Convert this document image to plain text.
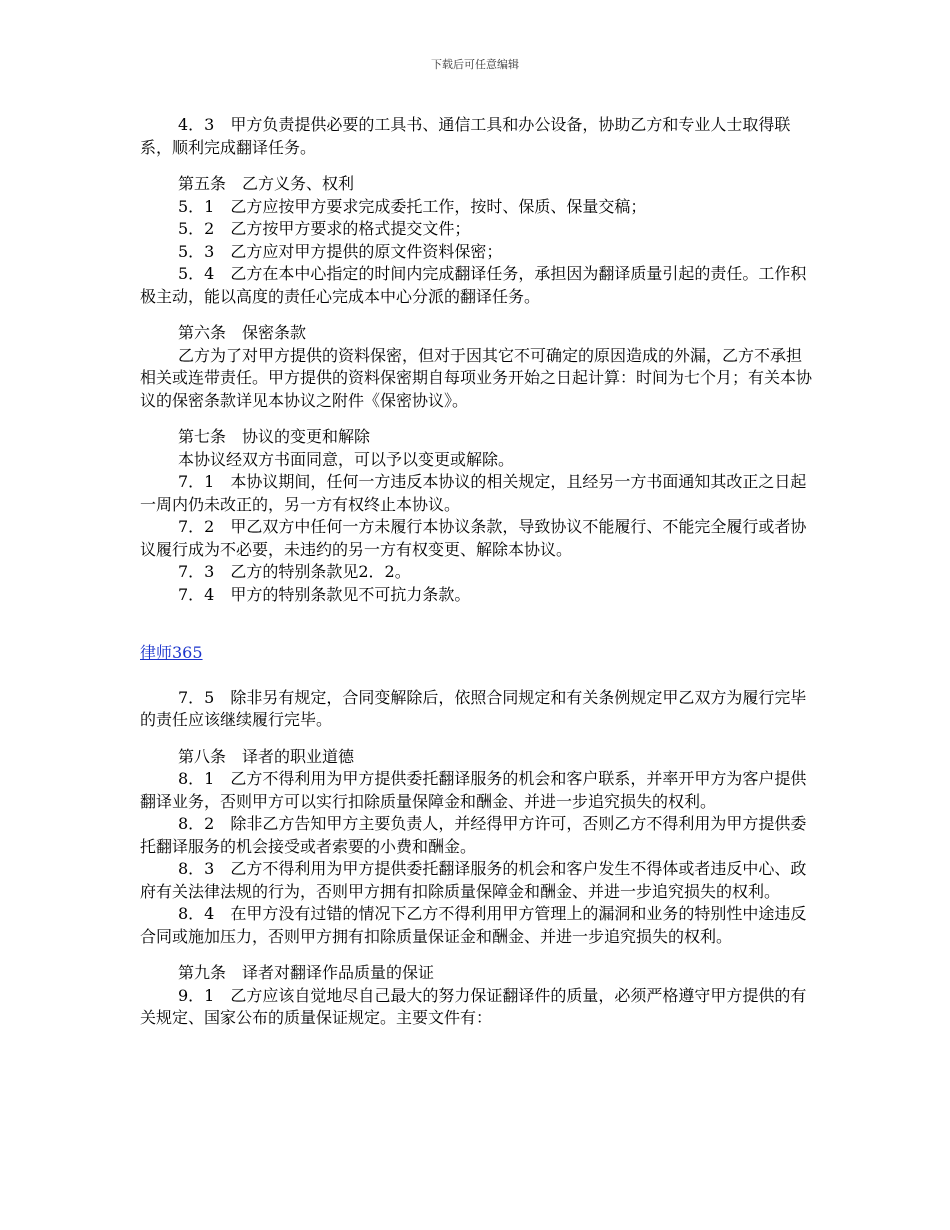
下载后可任意编辑

4．3　甲方负责提供必要的工具书、通信工具和办公设备，协助乙方和专业人士取得联系，顺利完成翻译任务。

第五条　乙方义务、权利

5．1　乙方应按甲方要求完成委托工作，按时、保质、保量交稿；

5．2　乙方按甲方要求的格式提交文件；

5．3　乙方应对甲方提供的原文件资料保密；

5．4　乙方在本中心指定的时间内完成翻译任务，承担因为翻译质量引起的责任。工作积极主动，能以高度的责任心完成本中心分派的翻译任务。

第六条　保密条款

乙方为了对甲方提供的资料保密，但对于因其它不可确定的原因造成的外漏，乙方不承担相关或连带责任。甲方提供的资料保密期自每项业务开始之日起计算：时间为七个月；有关本协议的保密条款详见本协议之附件《保密协议》。

第七条　协议的变更和解除

本协议经双方书面同意，可以予以变更或解除。

7．1　本协议期间，任何一方违反本协议的相关规定，且经另一方书面通知其改正之日起一周内仍未改正的，另一方有权终止本协议。

7．2　甲乙双方中任何一方未履行本协议条款，导致协议不能履行、不能完全履行或者协议履行成为不必要，未违约的另一方有权变更、解除本协议。

7．3　乙方的特别条款见2．2。

7．4　甲方的特别条款见不可抗力条款。

律师365

7．5　除非另有规定，合同变解除后，依照合同规定和有关条例规定甲乙双方为履行完毕的责任应该继续履行完毕。

第八条　译者的职业道德

8．1　乙方不得利用为甲方提供委托翻译服务的机会和客户联系，并率开甲方为客户提供翻译业务，否则甲方可以实行扣除质量保障金和酬金、并进一步追究损失的权利。

8．2　除非乙方告知甲方主要负责人，并经得甲方许可，否则乙方不得利用为甲方提供委托翻译服务的机会接受或者索要的小费和酬金。

8．3　乙方不得利用为甲方提供委托翻译服务的机会和客户发生不得体或者违反中心、政府有关法律法规的行为，否则甲方拥有扣除质量保障金和酬金、并进一步追究损失的权利。

8．4　在甲方没有过错的情况下乙方不得利用甲方管理上的漏洞和业务的特别性中途违反合同或施加压力，否则甲方拥有扣除质量保证金和酬金、并进一步追究损失的权利。

第九条　译者对翻译作品质量的保证

9．1　乙方应该自觉地尽自己最大的努力保证翻译件的质量，必须严格遵守甲方提供的有关规定、国家公布的质量保证规定。主要文件有：
